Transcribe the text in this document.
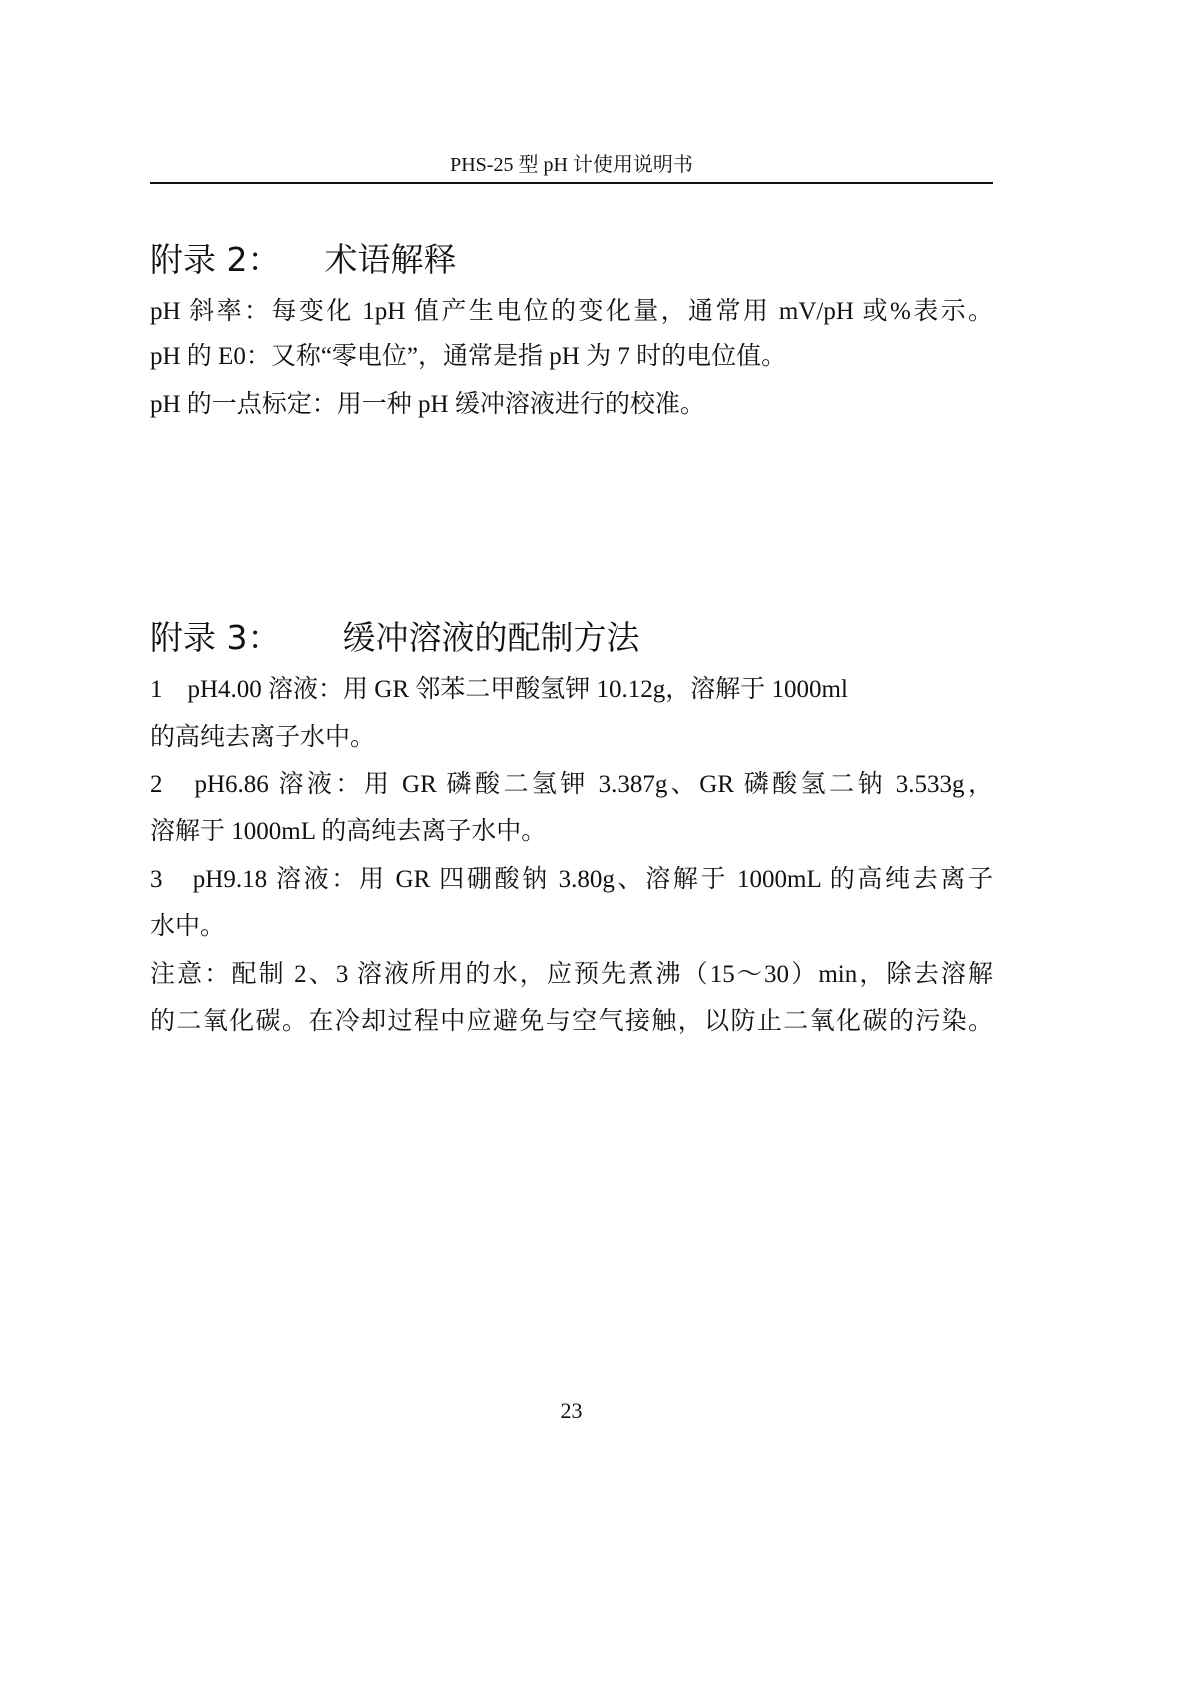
PHS-25 型 pH 计使用说明书
附录 2： 术语解释
pH 斜率：每变化 1pH 值产生电位的变化量，通常用 mV/pH 或%表示。
pH 的 E0：又称“零电位”，通常是指 pH 为 7 时的电位值。
pH 的一点标定：用一种 pH 缓冲溶液进行的校准。
附录 3： 缓冲溶液的配制方法
1　pH4.00 溶液：用 GR 邻苯二甲酸氢钾 10.12g，溶解于 1000ml
的高纯去离子水中。
2　pH6.86 溶液：用 GR 磷酸二氢钾 3.387g、GR 磷酸氢二钠 3.533g，
溶解于 1000mL 的高纯去离子水中。
3　pH9.18 溶液：用 GR 四硼酸钠 3.80g、溶解于 1000mL 的高纯去离子
水中。
注意：配制 2、3 溶液所用的水，应预先煮沸（15～30）min，除去溶解
的二氧化碳。在冷却过程中应避免与空气接触，以防止二氧化碳的污染。
23
